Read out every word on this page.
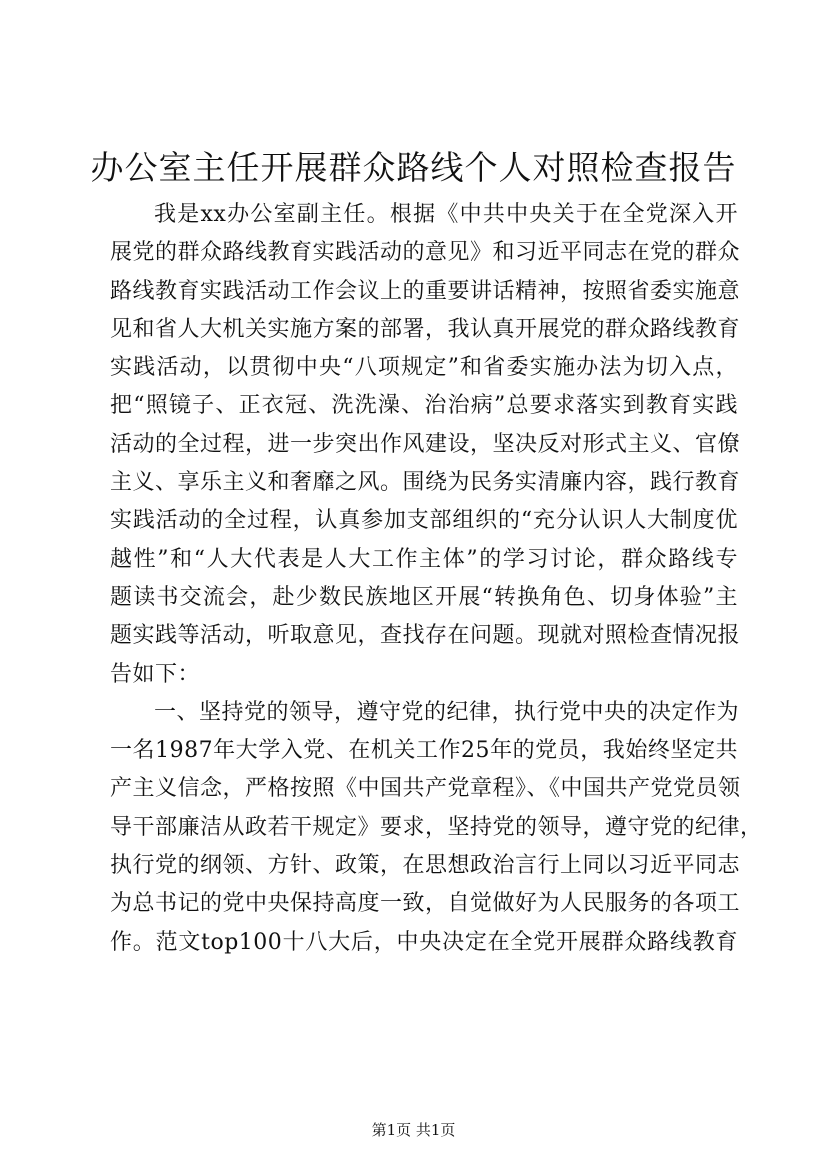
办公室主任开展群众路线个人对照检查报告

我是xx办公室副主任。根据《中共中央关于在全党深入开
展党的群众路线教育实践活动的意见》和习近平同志在党的群众
路线教育实践活动工作会议上的重要讲话精神，按照省委实施意
见和省人大机关实施方案的部署，我认真开展党的群众路线教育
实践活动，以贯彻中央“八项规定”和省委实施办法为切入点，
把“照镜子、正衣冠、洗洗澡、治治病”总要求落实到教育实践
活动的全过程，进一步突出作风建设，坚决反对形式主义、官僚
主义、享乐主义和奢靡之风。围绕为民务实清廉内容，践行教育
实践活动的全过程，认真参加支部组织的“充分认识人大制度优
越性”和“人大代表是人大工作主体”的学习讨论，群众路线专
题读书交流会，赴少数民族地区开展“转换角色、切身体验”主
题实践等活动，听取意见，查找存在问题。现就对照检查情况报
告如下：

一、坚持党的领导，遵守党的纪律，执行党中央的决定作为
一名1987年大学入党、在机关工作25年的党员，我始终坚定共
产主义信念，严格按照《中国共产党章程》、《中国共产党党员领
导干部廉洁从政若干规定》要求，坚持党的领导，遵守党的纪律，
执行党的纲领、方针、政策，在思想政治言行上同以习近平同志
为总书记的党中央保持高度一致，自觉做好为人民服务的各项工
作。范文top100十八大后，中央决定在全党开展群众路线教育

第1页 共1页
